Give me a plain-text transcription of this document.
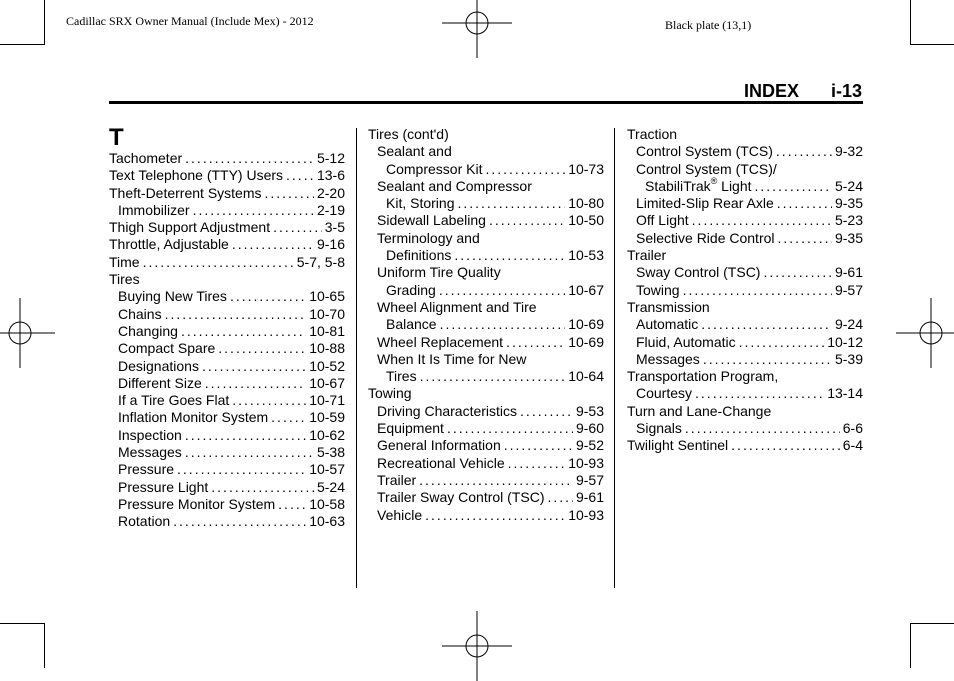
Cadillac SRX Owner Manual (Include Mex) - 2012	Black plate (13,1)
INDEX i-13
T
Tachometer .....	5-12
Text Telephone (TTY) Users ..... 13-6
Theft-Deterrent Systems .....	2-20
Immobilizer .....	2-19
Thigh Support Adjustment .....	3-5
Throttle, Adjustable .....	9-16
Time .....	5-7, 5-8
Tires
Buying New Tires .....	10-65
Chains .....	10-70
Changing .....	10-81
Compact Spare .....	10-88
Designations .....	10-52
Different Size .....	10-67
If a Tire Goes Flat .....	10-71
Inflation Monitor System .....	10-59
Inspection .....	10-62
Messages .....	5-38
Pressure .....	10-57
Pressure Light .....	5-24
Pressure Monitor System ..... 10-58
Rotation .....	10-63
Tires (cont'd)
Sealant and
Compressor Kit .....	10-73
Sealant and Compressor
Kit, Storing .....	10-80
Sidewall Labeling .....	10-50
Terminology and
Definitions .....	10-53
Uniform Tire Quality
Grading .....	10-67
Wheel Alignment and Tire
Balance .....	10-69
Wheel Replacement .....	10-69
When It Is Time for New
Tires .....	10-64
Towing
Driving Characteristics .....	9-53
Equipment .....	9-60
General Information .....	9-52
Recreational Vehicle .....	10-93
Trailer .....	9-57
Trailer Sway Control (TSC) ..... 9-61
Vehicle .....	10-93
Traction
Control System (TCS) .....	9-32
Control System (TCS)/
StabiliTrak® Light .....	5-24
Limited-Slip Rear Axle .....	9-35
Off Light .....	5-23
Selective Ride Control .....	9-35
Trailer
Sway Control (TSC) .....	9-61
Towing .....	9-57
Transmission
Automatic .....	9-24
Fluid, Automatic .....	10-12
Messages .....	5-39
Transportation Program,
Courtesy .....	13-14
Turn and Lane-Change
Signals .....	6-6
Twilight Sentinel .....	6-4
